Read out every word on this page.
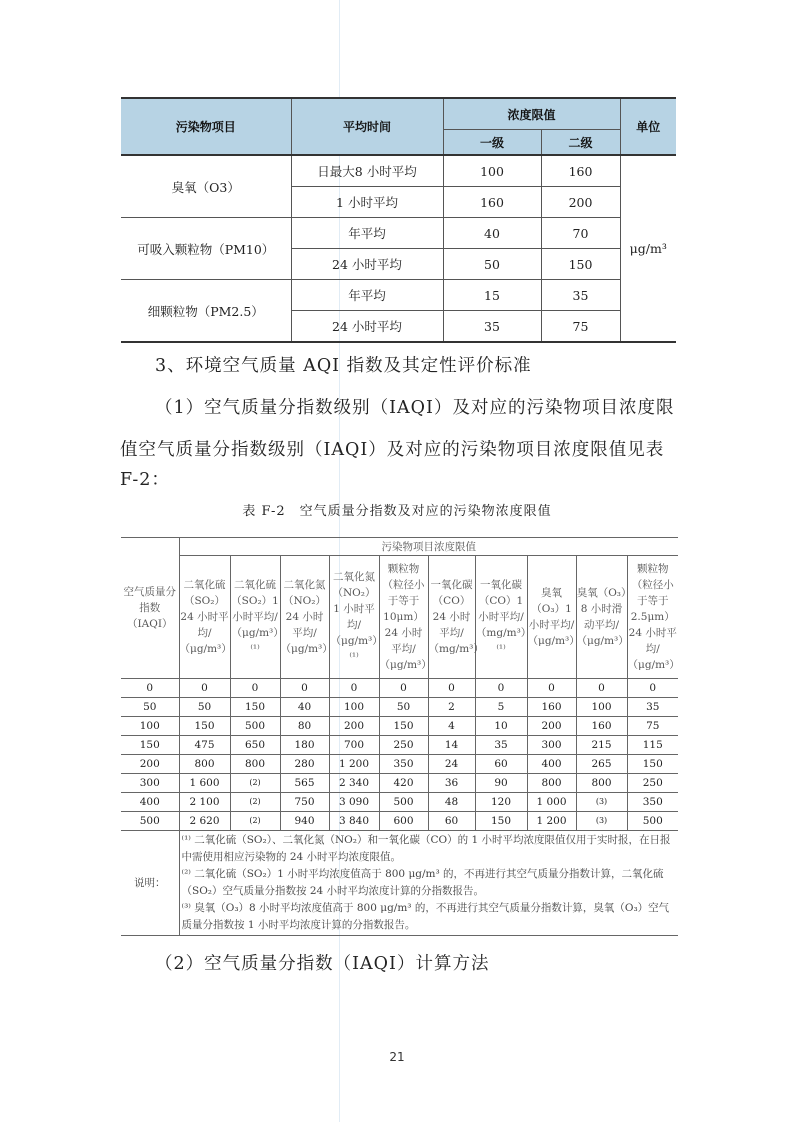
污染物项目	平均时间	浓度限值		单位
		一级	二级	
臭氧（O3）	日最大8 小时平均	100	160	μg/m³
	1 小时平均	160	200	
可吸入颗粒物（PM10）	年平均	40	70	
	24 小时平均	50	150	
细颗粒物（PM2.5）	年平均	15	35	
	24 小时平均	35	75	
3、环境空气质量 AQI 指数及其定性评价标准
（1）空气质量分指数级别（IAQI）及对应的污染物项目浓度限
值空气质量分指数级别（IAQI）及对应的污染物项目浓度限值见表
F-2：
表 F-2　空气质量分指数及对应的污染物浓度限值
空气质量分指数（IAQI）	污染物项目浓度限值									
	二氧化硫（SO₂）24 小时平均/（μg/m³）	二氧化硫（SO₂）1 小时平均/（μg/m³）⁽¹⁾	二氧化氮（NO₂）24 小时平均/（μg/m³）	二氧化氮（NO₂）1 小时平均/（μg/m³）⁽¹⁾	颗粒物（粒径小于等于10μm）24 小时平均/（μg/m³）	一氧化碳（CO）24 小时平均/（mg/m³）	一氧化碳（CO）1 小时平均/（mg/m³）⁽¹⁾	臭氧（O₃）1 小时平均/（μg/m³）	臭氧（O₃）8 小时滑动平均/（μg/m³）	颗粒物（粒径小于等于2.5μm）24 小时平均/（μg/m³）
0	0	0	0	0	0	0	0	0	0	0
50	50	150	40	100	50	2	5	160	100	35
100	150	500	80	200	150	4	10	200	160	75
150	475	650	180	700	250	14	35	300	215	115
200	800	800	280	1 200	350	24	60	400	265	150
300	1 600	(2)	565	2 340	420	36	90	800	800	250
400	2 100	(2)	750	3 090	500	48	120	1 000	(3)	350
500	2 620	(2)	940	3 840	600	60	150	1 200	(3)	500
说明：	⁽¹⁾ 二氧化硫（SO₂）、二氧化氮（NO₂）和一氧化碳（CO）的 1 小时平均浓度限值仅用于实时报，在日报中需使用相应污染物的 24 小时平均浓度限值。
⁽²⁾ 二氧化硫（SO₂）1 小时平均浓度值高于 800 μg/m³ 的，不再进行其空气质量分指数计算，二氧化硫（SO₂）空气质量分指数按 24 小时平均浓度计算的分指数报告。
⁽³⁾ 臭氧（O₃）8 小时平均浓度值高于 800 μg/m³ 的，不再进行其空气质量分指数计算，臭氧（O₃）空气质量分指数按 1 小时平均浓度计算的分指数报告。									
（2）空气质量分指数（IAQI）计算方法
21
